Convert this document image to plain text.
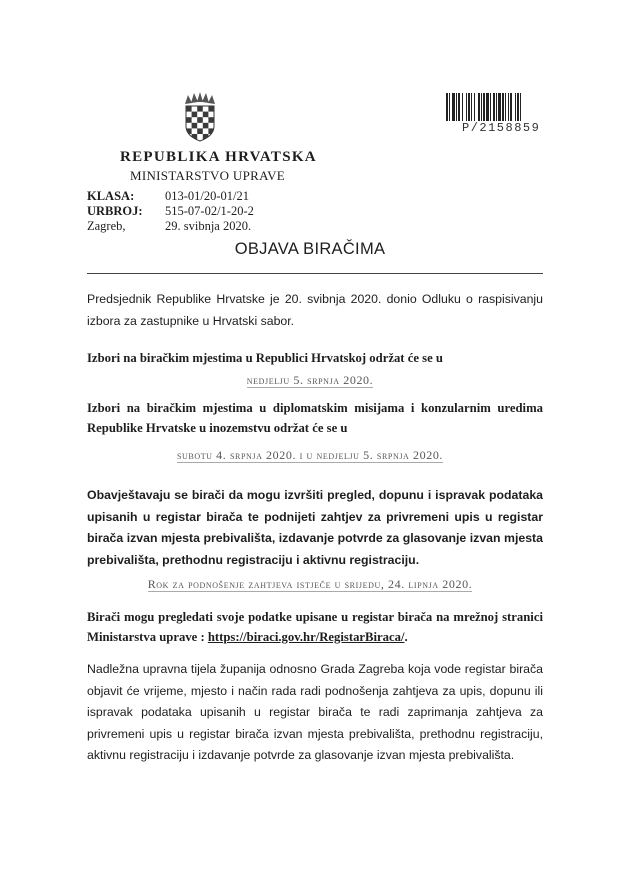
P/2158859
REPUBLIKA HRVATSKA
MINISTARSTVO UPRAVE
KLASA: 013-01/20-01/21
URBROJ: 515-07-02/1-20-2
Zagreb,	29. svibnja 2020.
OBJAVA BIRAČIMA
Predsjednik Republike Hrvatske je 20. svibnja 2020. donio Odluku o raspisivanju izbora za zastupnike u Hrvatski sabor.
Izbori na biračkim mjestima u Republici Hrvatskoj održat će se u
nedjelju 5. srpnja 2020.
Izbori na biračkim mjestima u diplomatskim misijama i konzularnim uredima Republike Hrvatske u inozemstvu održat će se u
subotu 4. srpnja 2020. i u nedjelju 5. srpnja 2020.
Obavještavaju se birači da mogu izvršiti pregled, dopunu i ispravak podataka upisanih u registar birača te podnijeti zahtjev za privremeni upis u registar birača izvan mjesta prebivališta, izdavanje potvrde za glasovanje izvan mjesta prebivališta, prethodnu registraciju i aktivnu registraciju.
Rok za podnošenje zahtjeva istječe u srijedu, 24. lipnja 2020.
Birači mogu pregledati svoje podatke upisane u registar birača na mrežnoj stranici Ministarstva uprave : https://biraci.gov.hr/RegistarBiraca/.
Nadležna upravna tijela županija odnosno Grada Zagreba koja vode registar birača objavit će vrijeme, mjesto i način rada radi podnošenja zahtjeva za upis, dopunu ili ispravak podataka upisanih u registar birača te radi zaprimanja zahtjeva za privremeni upis u registar birača izvan mjesta prebivališta, prethodnu registraciju, aktivnu registraciju i izdavanje potvrde za glasovanje izvan mjesta prebivališta.
